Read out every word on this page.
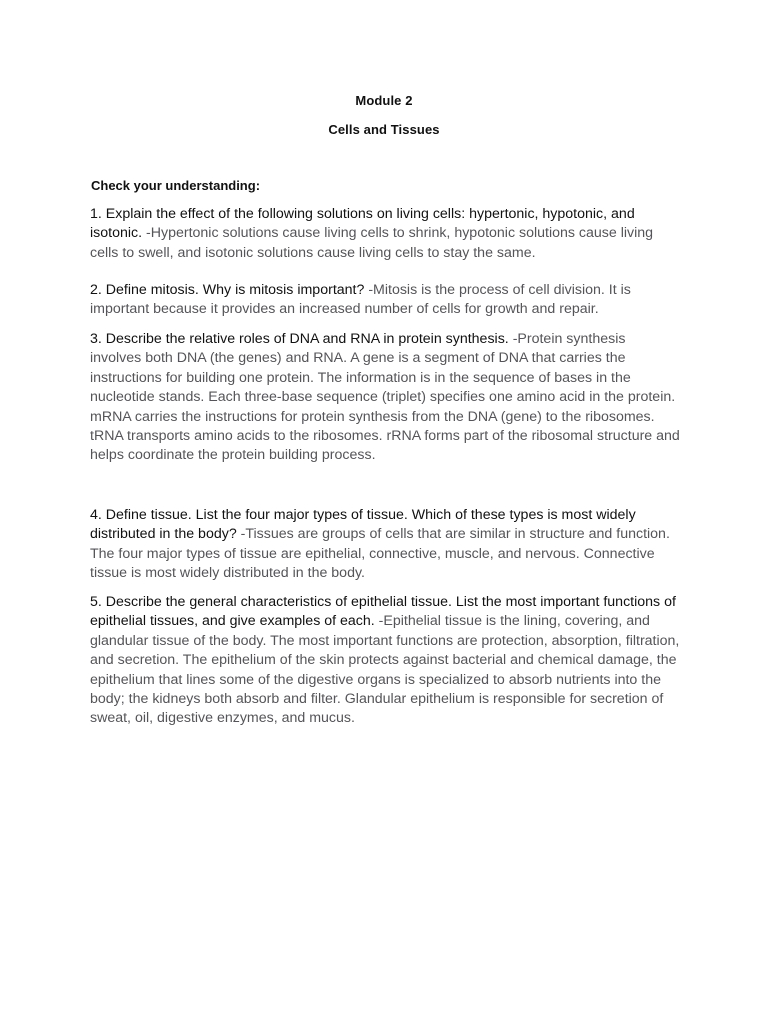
Module 2
Cells and Tissues
Check your understanding:

1. Explain the effect of the following solutions on living cells: hypertonic, hypotonic, and isotonic. -Hypertonic solutions cause living cells to shrink, hypotonic solutions cause living cells to swell, and isotonic solutions cause living cells to stay the same.

2. Define mitosis. Why is mitosis important? -Mitosis is the process of cell division. It is important because it provides an increased number of cells for growth and repair.

3. Describe the relative roles of DNA and RNA in protein synthesis. -Protein synthesis involves both DNA (the genes) and RNA. A gene is a segment of DNA that carries the instructions for building one protein. The information is in the sequence of bases in the nucleotide stands. Each three-base sequence (triplet) specifies one amino acid in the protein. mRNA carries the instructions for protein synthesis from the DNA (gene) to the ribosomes. tRNA transports amino acids to the ribosomes. rRNA forms part of the ribosomal structure and helps coordinate the protein building process.

4. Define tissue. List the four major types of tissue. Which of these types is most widely distributed in the body? -Tissues are groups of cells that are similar in structure and function. The four major types of tissue are epithelial, connective, muscle, and nervous. Connective tissue is most widely distributed in the body.

5. Describe the general characteristics of epithelial tissue. List the most important functions of epithelial tissues, and give examples of each. -Epithelial tissue is the lining, covering, and glandular tissue of the body. The most important functions are protection, absorption, filtration, and secretion. The epithelium of the skin protects against bacterial and chemical damage, the epithelium that lines some of the digestive organs is specialized to absorb nutrients into the body; the kidneys both absorb and filter. Glandular epithelium is responsible for secretion of sweat, oil, digestive enzymes, and mucus.
